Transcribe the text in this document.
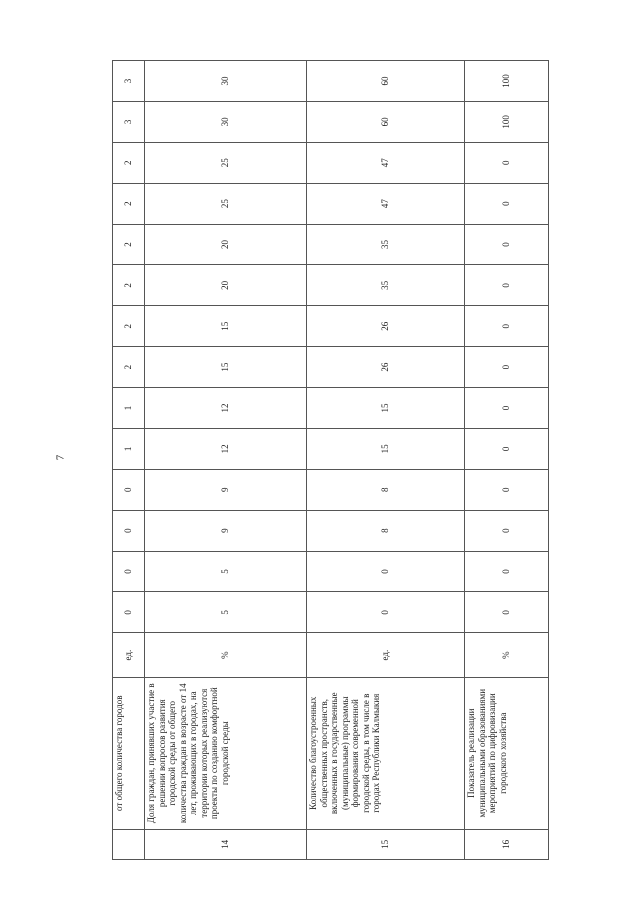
7
	от общего количества городов	ед.	0	0	0	0	1	1	2	2	2	2	2	2	3	3
14	Доля граждан, принявших участие в решении вопросов развития городской среды от общего количества граждан в возрасте от 14 лет, проживающих в городах, на территории которых реализуются проекты по созданию комфортной городской среды	%	5	5	9	9	12	12	15	15	20	20	25	25	30	30
15	Количество благоустроенных общественных пространств, включенных в государственные (муниципальные) программы формирования современной городской среды, в том числе в городах Республики Калмыкия	ед.	0	0	8	8	15	15	26	26	35	35	47	47	60	60
16	Показатель реализации муниципальными образованиями мероприятий по цифровизации городского хозяйства	%	0	0	0	0	0	0	0	0	0	0	0	0	100	100
